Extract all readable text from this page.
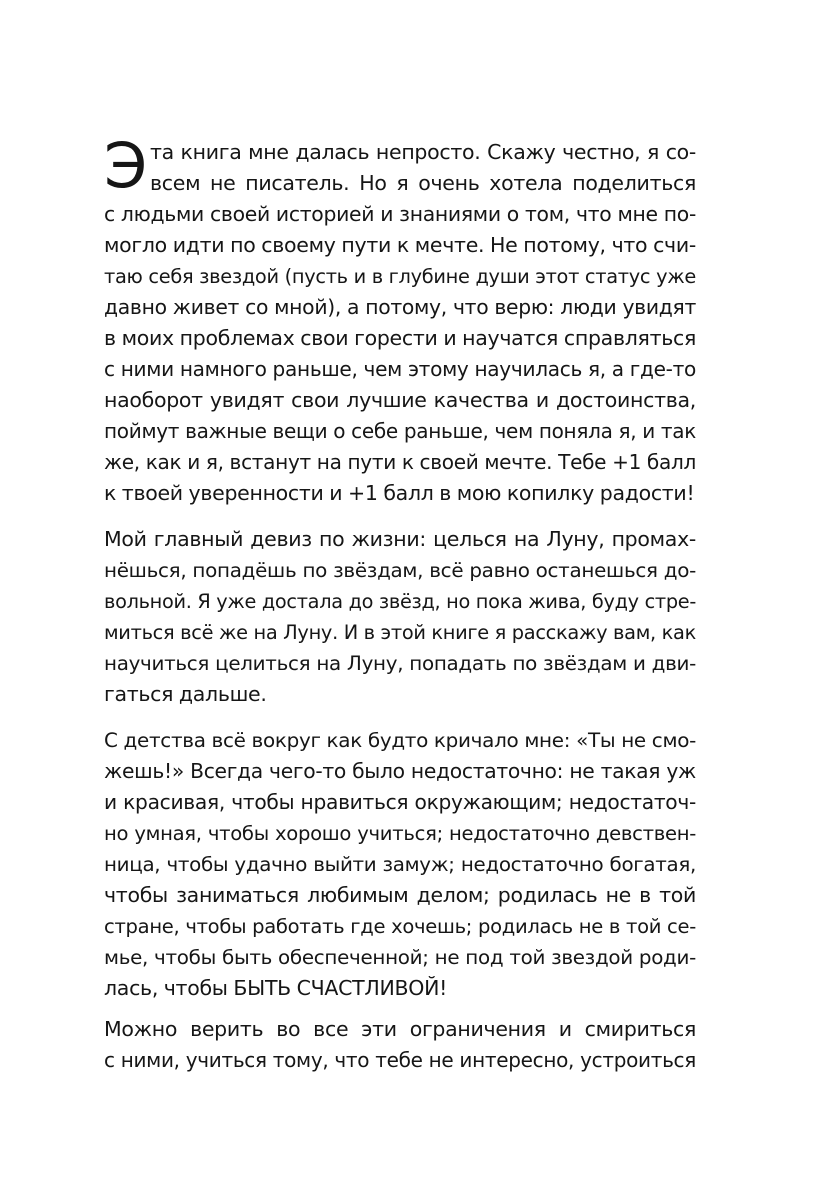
Э та книга мне далась непросто. Скажу честно, я со-
всем не писатель. Но я очень хотела поделиться
с людьми своей историей и знаниями о том, что мне по-
могло идти по своему пути к мечте. Не потому, что счи-
таю себя звездой (пусть и в глубине души этот статус уже
давно живет со мной), а потому, что верю: люди увидят
в моих проблемах свои горести и научатся справляться
с ними намного раньше, чем этому научилась я, а где-то
наоборот увидят свои лучшие качества и достоинства,
поймут важные вещи о себе раньше, чем поняла я, и так
же, как и я, встанут на пути к своей мечте. Тебе +1 балл
к твоей уверенности и +1 балл в мою копилку радости!
Мой главный девиз по жизни: целься на Луну, промах-
нёшься, попадёшь по звёздам, всё равно останешься до-
вольной. Я уже достала до звёзд, но пока жива, буду стре-
миться всё же на Луну. И в этой книге я расскажу вам, как
научиться целиться на Луну, попадать по звёздам и дви-
гаться дальше.
С детства всё вокруг как будто кричало мне: «Ты не смо-
жешь!» Всегда чего-то было недостаточно: не такая уж
и красивая, чтобы нравиться окружающим; недостаточ-
но умная, чтобы хорошо учиться; недостаточно девствен-
ница, чтобы удачно выйти замуж; недостаточно богатая,
чтобы заниматься любимым делом; родилась не в той
стране, чтобы работать где хочешь; родилась не в той се-
мье, чтобы быть обеспеченной; не под той звездой роди-
лась, чтобы БЫТЬ СЧАСТЛИВОЙ!
Можно верить во все эти ограничения и смириться
с ними, учиться тому, что тебе не интересно, устроиться
